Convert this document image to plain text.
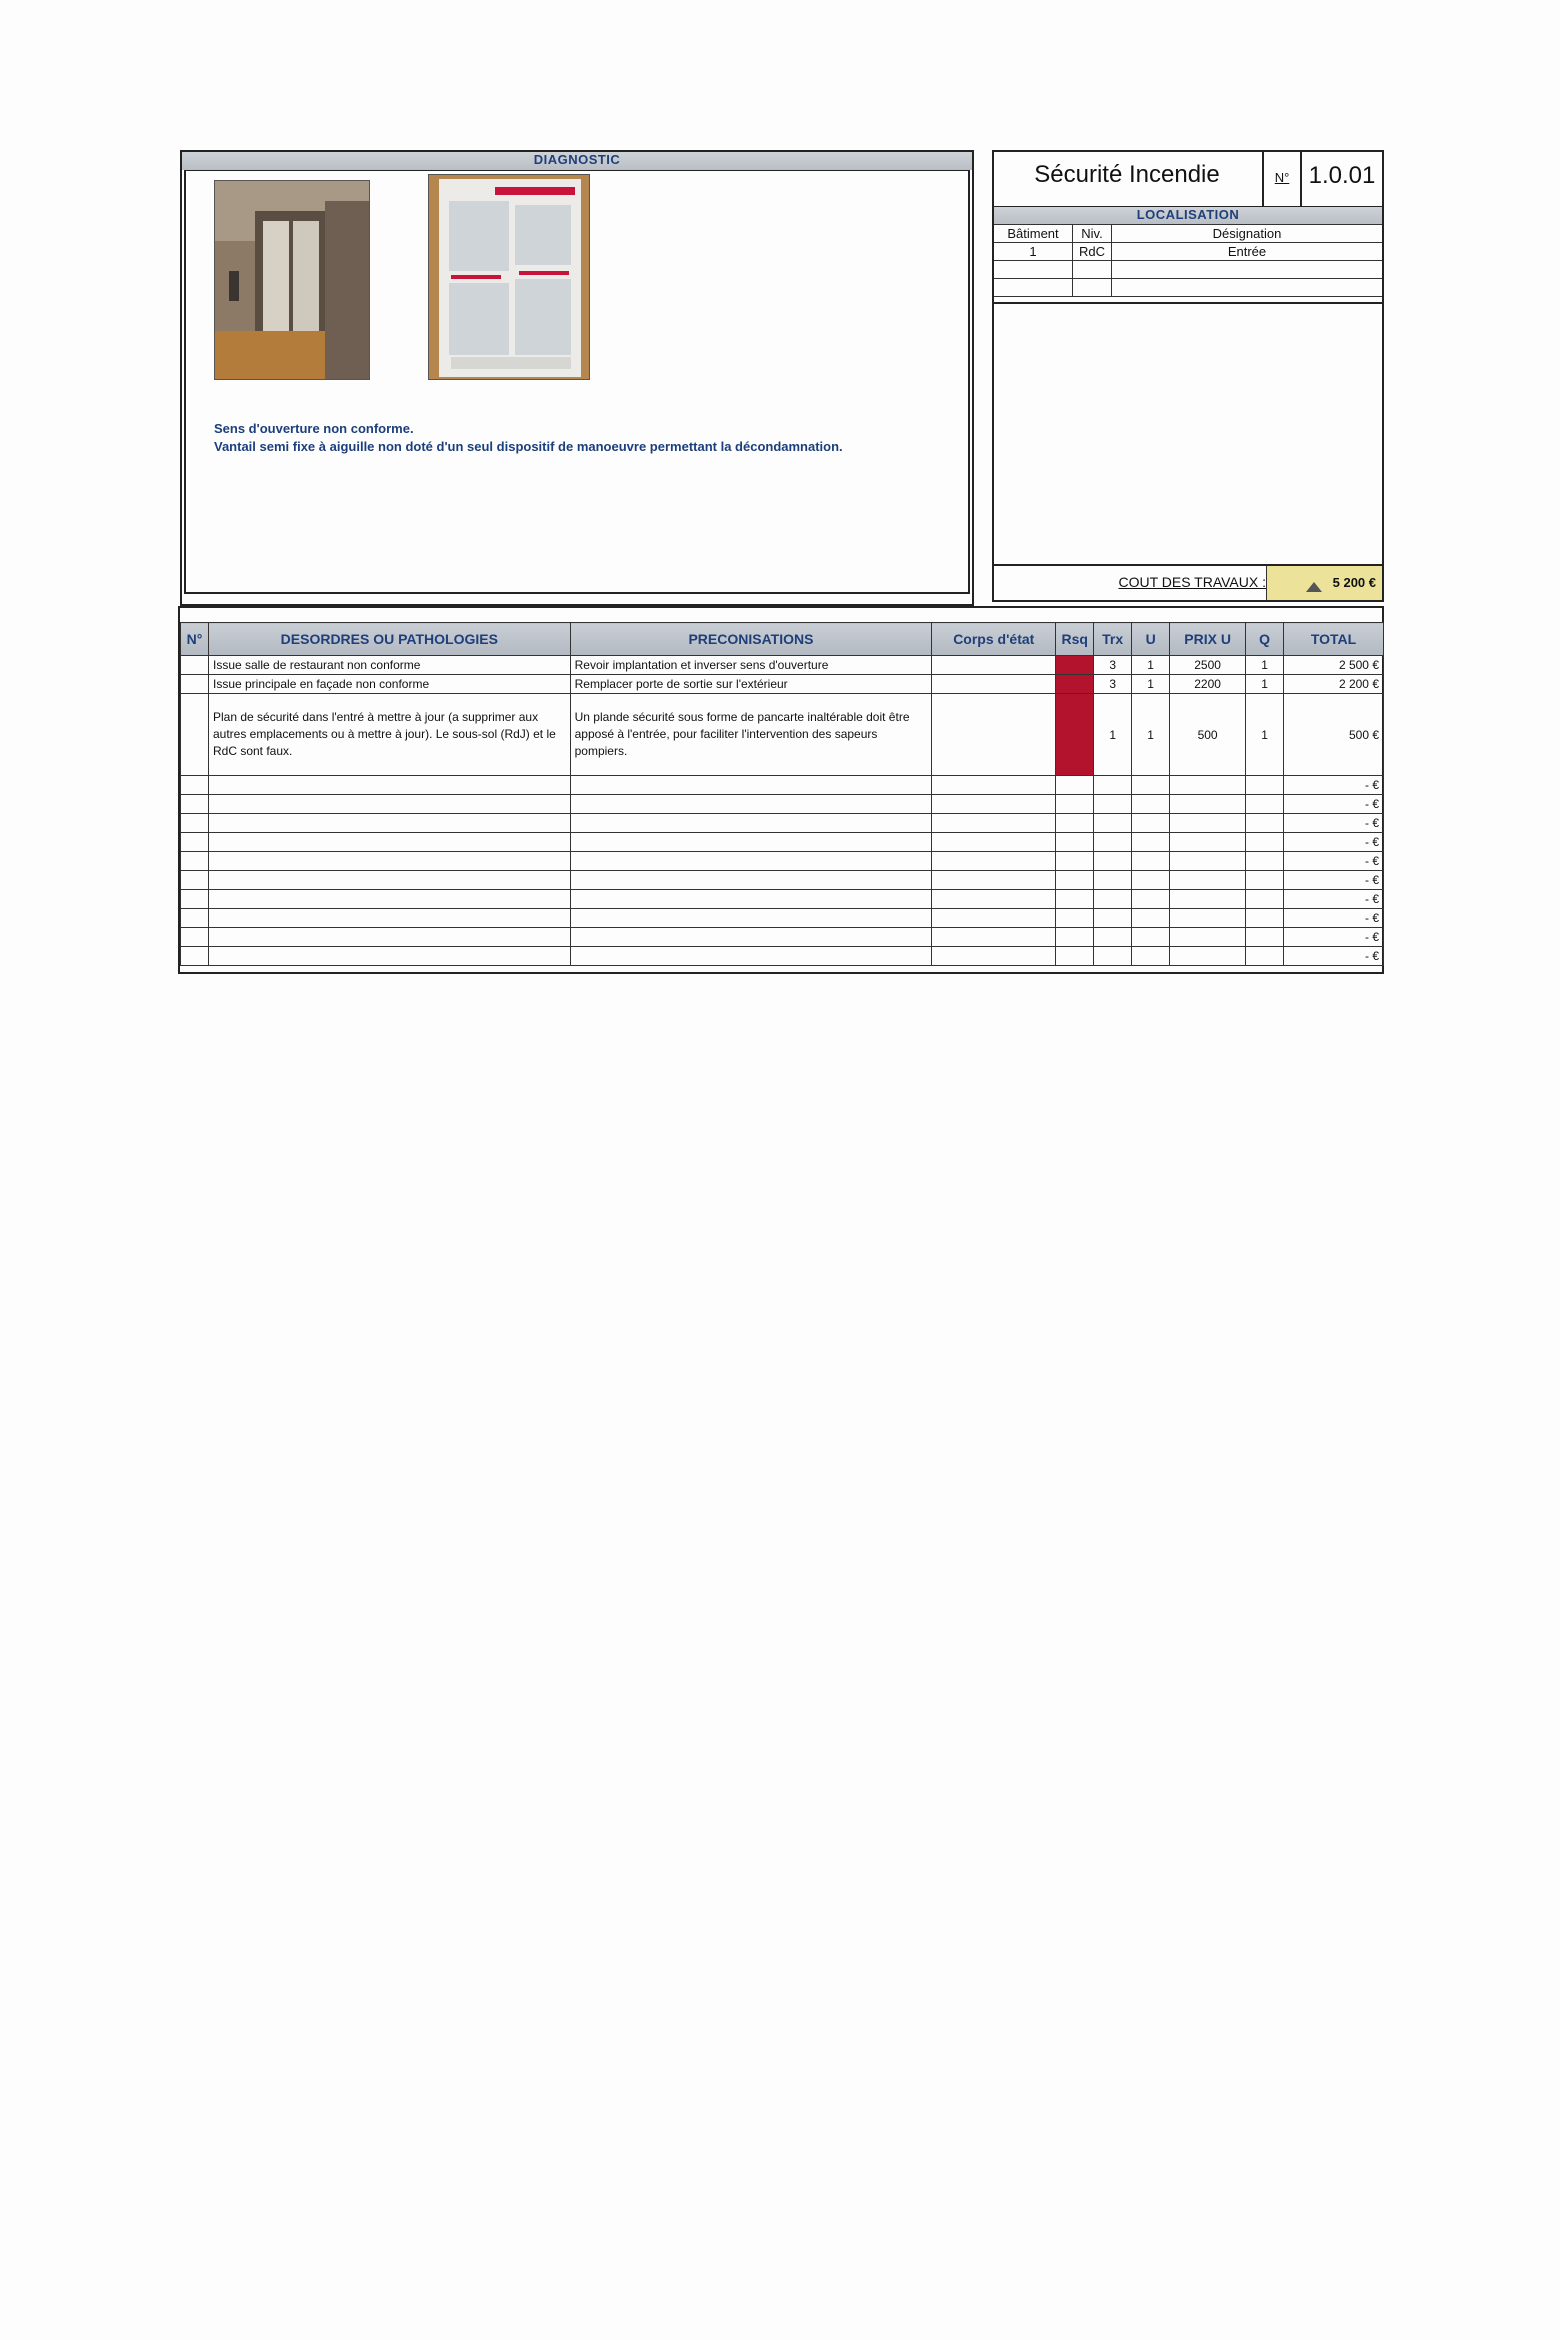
DIAGNOSTIC
Sens d'ouverture non conforme.
Vantail semi fixe à aiguille non doté d'un seul dispositif de manoeuvre permettant la décondamnation.
Sécurité Incendie	N° 1.0.01
LOCALISATION
Bâtiment	Niv.	Désignation
1	RdC	Entrée

COUT DES TRAVAUX :	5 200 €
N°	DESORDRES OU PATHOLOGIES	PRECONISATIONS	Corps d'état	Rsq	Trx	U	PRIX U	Q	TOTAL
	Issue salle de restaurant non conforme	Revoir implantation et inverser sens d'ouverture			3	1	2500	1	2 500 €
	Issue principale en façade non conforme	Remplacer porte de sortie sur l'extérieur			3	1	2200	1	2 200 €
	Plan de sécurité dans l'entré à mettre à jour (a supprimer aux autres emplacements ou à mettre à jour). Le sous-sol (RdJ) et le RdC sont faux.	Un plande sécurité sous forme de pancarte inaltérable doit être apposé à l'entrée, pour faciliter l'intervention des sapeurs pompiers.			1	1	500	1	500 €
									- €
									- €
									- €
									- €
									- €
									- €
									- €
									- €
									- €
									- €
